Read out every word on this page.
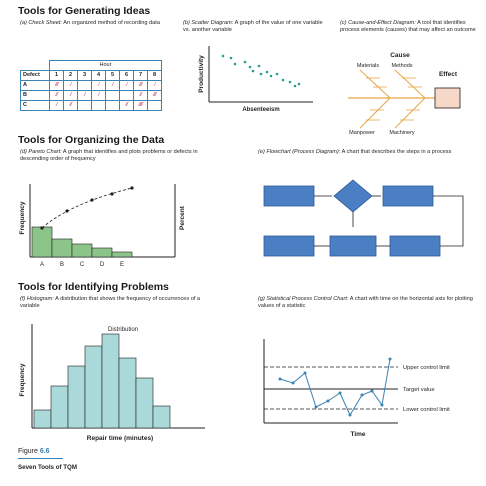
Tools for Generating Ideas
Tools for Organizing the Data
Tools for Identifying Problems
(a) Check Sheet: An organized method of recording data	(b) Scatter Diagram: A graph of the value of one variable vs. another variable
(c) Cause-and-Effect Diagram: A tool that identifies process elements (causes) that may affect an outcome
(d) Pareto Chart: A graph that identifies and plots problems or defects in descending order of frequency
(e) Flowchart (Process Diagram): A chart that describes the steps in a process
(f) Histogram: A distribution that shows the frequency of occurrences of a variable
(g) Statistical Process Control Chart: A chart with time on the horizontal axis for plotting values of a statistic
	Hour							
Defect	1	2	3	4	5	6	7	8
A	///	/		/	/	/	///	/
B	//	/	/	/			//	///
C	/	//				//	////	
Productivity
Absenteeism
Cause
Materials Methods
Effect
Manpower	Machinery
Frequency	Percent
A	B	C	D	E
Frequency
Distribution
Repair time (minutes)
Upper control limit
Target value
Lower control limit
Time
Figure 6.6
Seven Tools of TQM
